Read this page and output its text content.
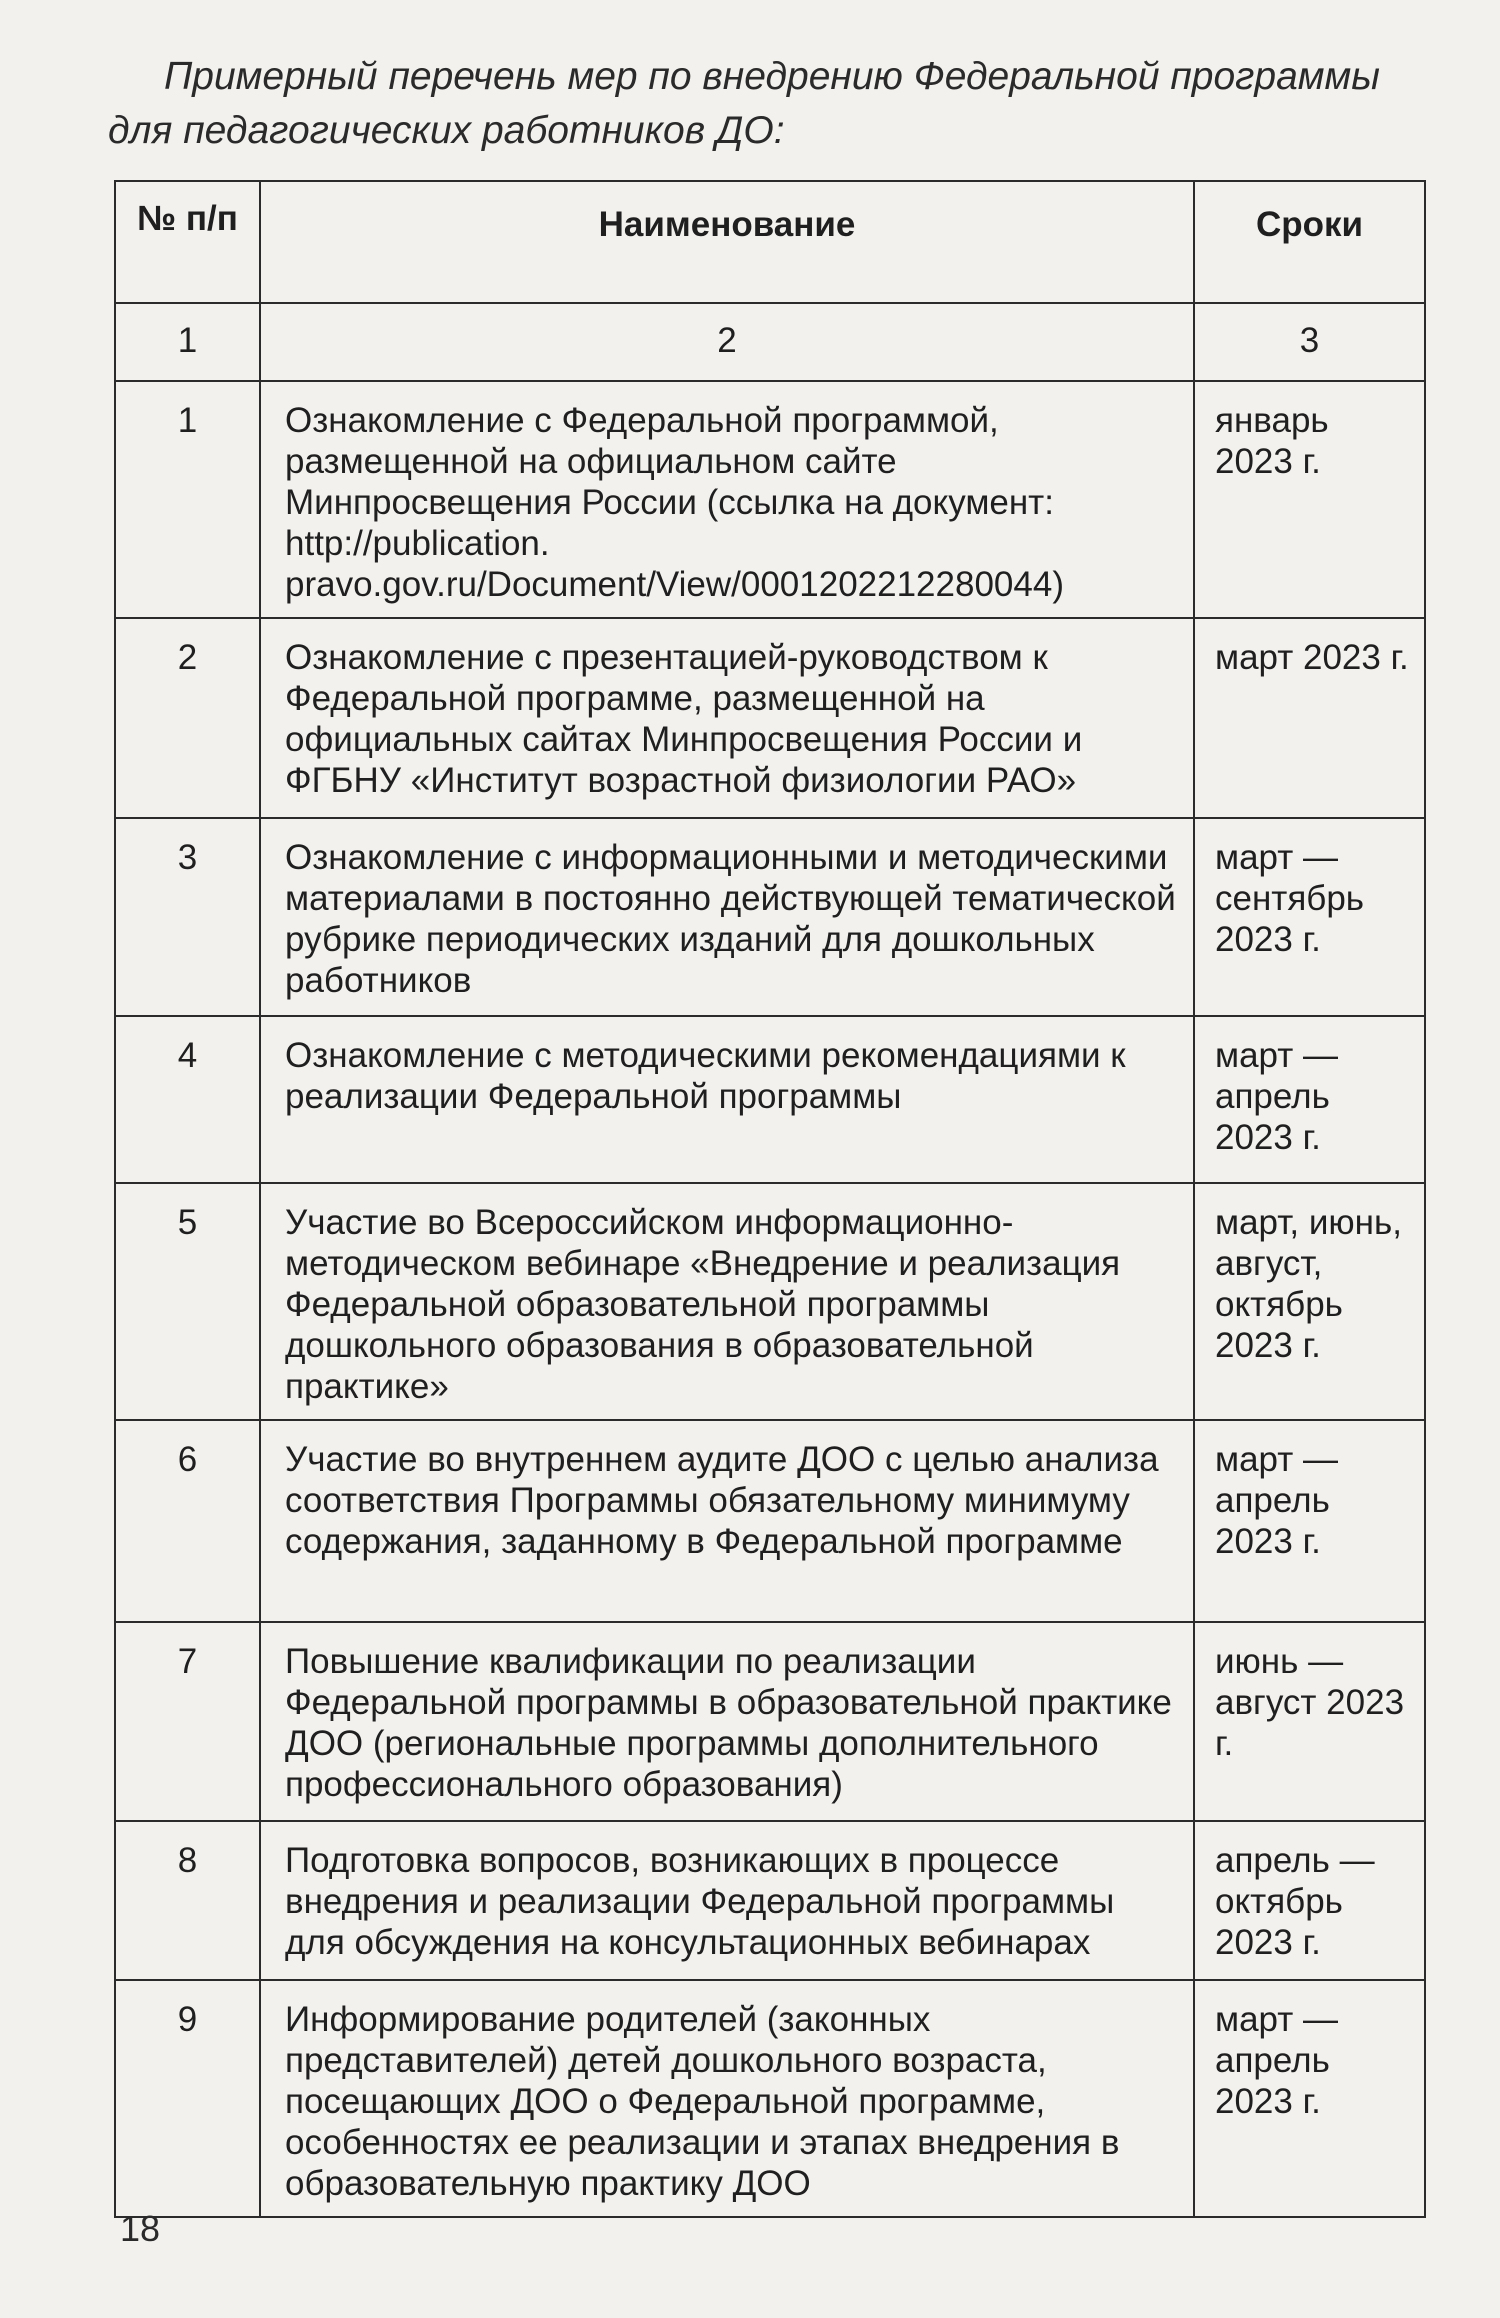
Примерный перечень мер по внедрению Федеральной программы
для педагогических работников ДО:
№ п/п	Наименование	Сроки

1	2	3

1	Ознакомление с Федеральной программой, размещенной на официальном сайте Минпросвещения России (ссылка на документ: http://publication. pravo.gov.ru/Document/View/0001202212280044)	январь 2023 г.

2	Ознакомление с презентацией-руководством к Федеральной программе, размещенной на официальных сайтах Минпросвещения России и ФГБНУ «Институт возрастной физиологии РАО»	март 2023 г.

3	Ознакомление с информационными и методическими материалами в постоянно действующей тематической рубрике периодических изданий для дошкольных работников	март — сентябрь 2023 г.

4	Ознакомление с методическими рекомендациями к реализации Федеральной программы	март — апрель 2023 г.

5	Участие во Всероссийском информационно-методическом вебинаре «Внедрение и реализация Федеральной образовательной программы дошкольного образования в образовательной практике»	март, июнь, август, октябрь 2023 г.

6	Участие во внутреннем аудите ДОО с целью анализа соответствия Программы обязательному минимуму содержания, заданному в Федеральной программе	март — апрель 2023 г.

7	Повышение квалификации по реализации Федеральной программы в образовательной практике ДОО (региональные программы дополнительного профессионального образования)	июнь — август 2023 г.

8	Подготовка вопросов, возникающих в процессе внедрения и реализации Федеральной программы для обсуждения на консультационных вебинарах	апрель — октябрь 2023 г.

9	Информирование родителей (законных представителей) детей дошкольного возраста, посещающих ДОО о Федеральной программе, особенностях ее реализации и этапах внедрения в образовательную практику ДОО	март — апрель 2023 г.
18
